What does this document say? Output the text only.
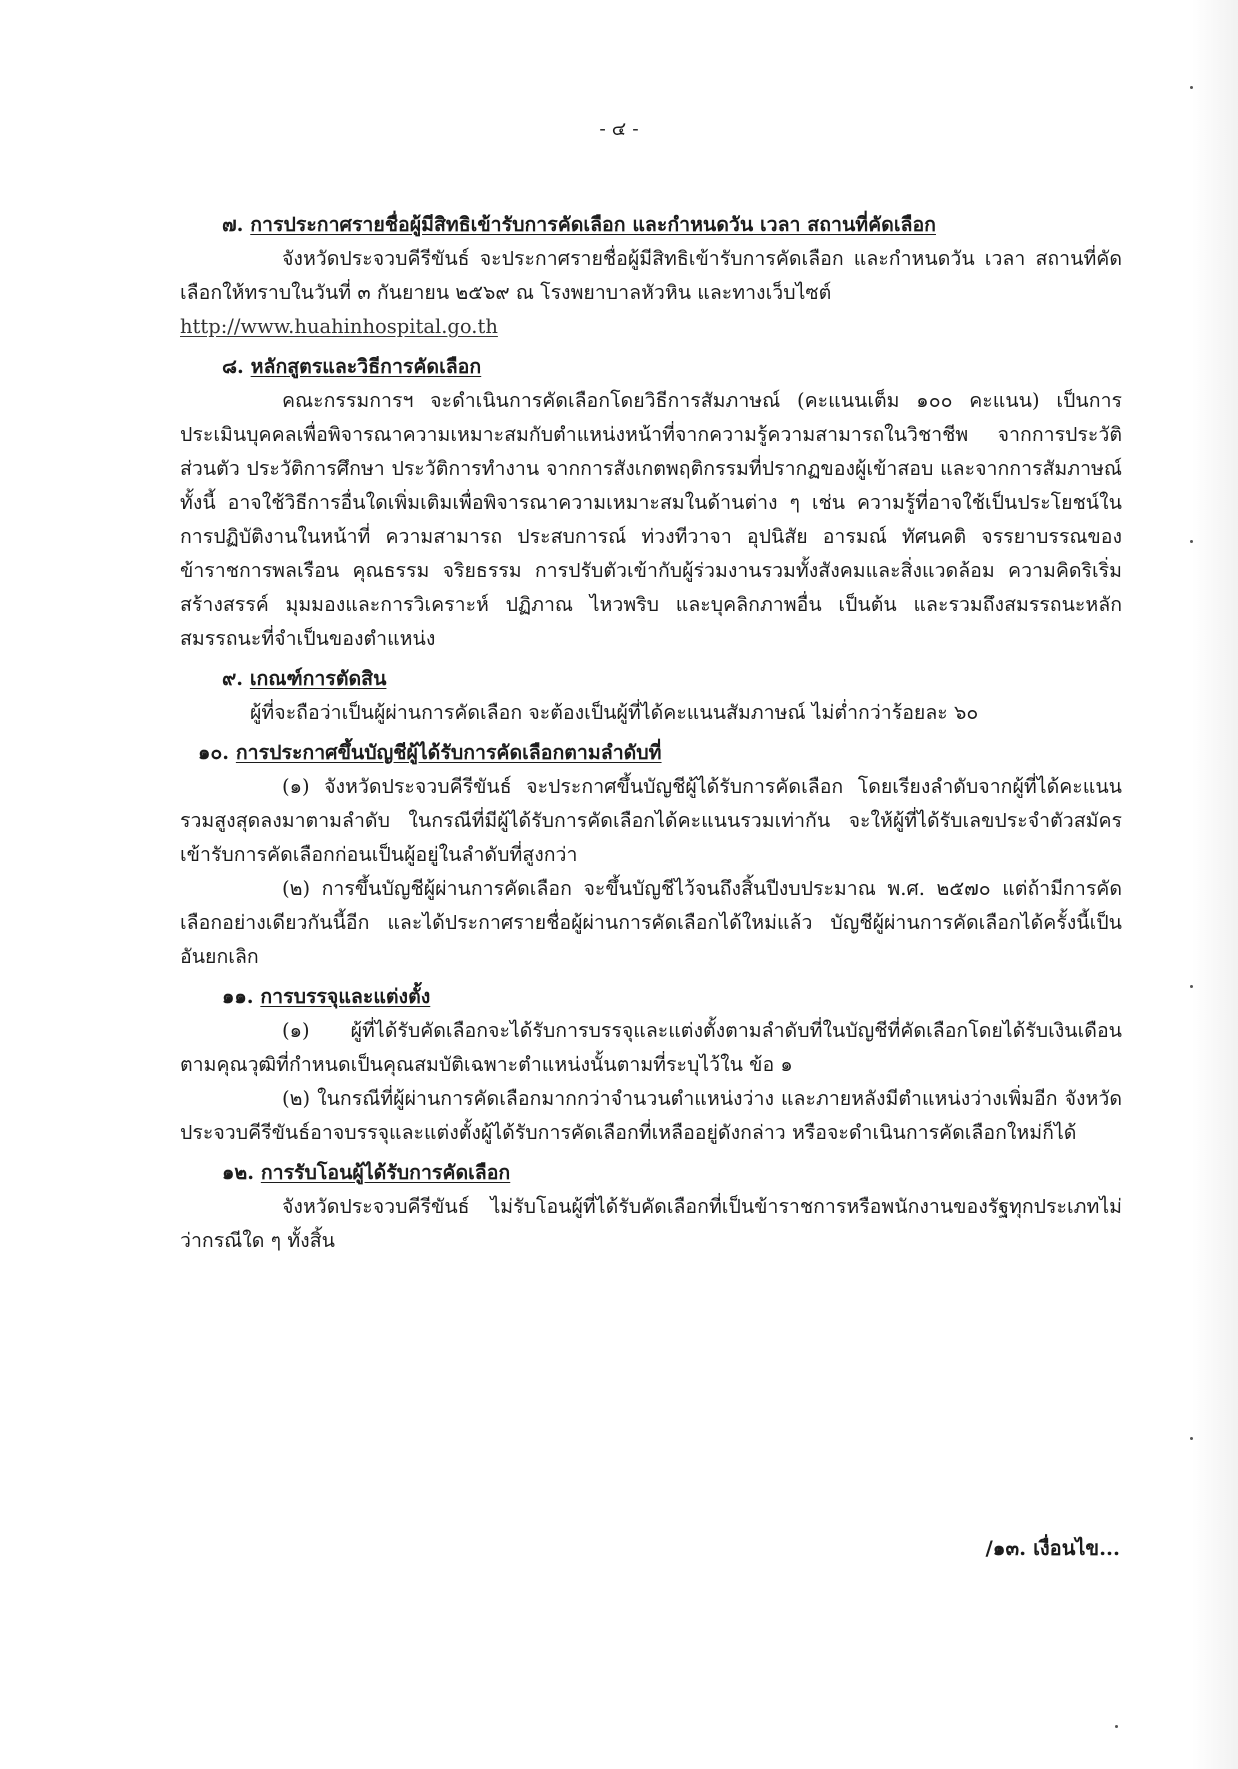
- ๔ -
๗. การประกาศรายชื่อผู้มีสิทธิเข้ารับการคัดเลือก และกำหนดวัน เวลา สถานที่คัดเลือก

จังหวัดประจวบคีรีขันธ์ จะประกาศรายชื่อผู้มีสิทธิเข้ารับการคัดเลือก และกำหนดวัน เวลา สถานที่คัดเลือกให้ทราบในวันที่ ๓ กันยายน ๒๕๖๙ ณ โรงพยาบาลหัวหิน และทางเว็บไซต์

http://www.huahinhospital.go.th

๘. หลักสูตรและวิธีการคัดเลือก

คณะกรรมการฯ จะดำเนินการคัดเลือกโดยวิธีการสัมภาษณ์ (คะแนนเต็ม ๑๐๐ คะแนน) เป็นการประเมินบุคคลเพื่อพิจารณาความเหมาะสมกับตำแหน่งหน้าที่จากความรู้ความสามารถในวิชาชีพ จากการประวัติส่วนตัว ประวัติการศึกษา ประวัติการทำงาน จากการสังเกตพฤติกรรมที่ปรากฏของผู้เข้าสอบ และจากการสัมภาษณ์ ทั้งนี้ อาจใช้วิธีการอื่นใดเพิ่มเติมเพื่อพิจารณาความเหมาะสมในด้านต่าง ๆ เช่น ความรู้ที่อาจใช้เป็นประโยชน์ในการปฏิบัติงานในหน้าที่ ความสามารถ ประสบการณ์ ท่วงทีวาจา อุปนิสัย อารมณ์ ทัศนคติ จรรยาบรรณของข้าราชการพลเรือน คุณธรรม จริยธรรม การปรับตัวเข้ากับผู้ร่วมงานรวมทั้งสังคมและสิ่งแวดล้อม ความคิดริเริ่มสร้างสรรค์ มุมมองและการวิเคราะห์ ปฏิภาณ ไหวพริบ และบุคลิกภาพอื่น เป็นต้น และรวมถึงสมรรถนะหลัก สมรรถนะที่จำเป็นของตำแหน่ง

๙. เกณฑ์การตัดสิน

ผู้ที่จะถือว่าเป็นผู้ผ่านการคัดเลือก จะต้องเป็นผู้ที่ได้คะแนนสัมภาษณ์ ไม่ต่ำกว่าร้อยละ ๖๐

๑๐. การประกาศขึ้นบัญชีผู้ได้รับการคัดเลือกตามลำดับที่

(๑) จังหวัดประจวบคีรีขันธ์ จะประกาศขึ้นบัญชีผู้ได้รับการคัดเลือก โดยเรียงลำดับจากผู้ที่ได้คะแนนรวมสูงสุดลงมาตามลำดับ ในกรณีที่มีผู้ได้รับการคัดเลือกได้คะแนนรวมเท่ากัน จะให้ผู้ที่ได้รับเลขประจำตัวสมัครเข้ารับการคัดเลือกก่อนเป็นผู้อยู่ในลำดับที่สูงกว่า

(๒) การขึ้นบัญชีผู้ผ่านการคัดเลือก จะขึ้นบัญชีไว้จนถึงสิ้นปีงบประมาณ พ.ศ. ๒๕๗๐ แต่ถ้ามีการคัดเลือกอย่างเดียวกันนี้อีก และได้ประกาศรายชื่อผู้ผ่านการคัดเลือกได้ใหม่แล้ว บัญชีผู้ผ่านการคัดเลือกได้ครั้งนี้เป็นอันยกเลิก

๑๑. การบรรจุและแต่งตั้ง

(๑) ผู้ที่ได้รับคัดเลือกจะได้รับการบรรจุและแต่งตั้งตามลำดับที่ในบัญชีที่คัดเลือกโดยได้รับเงินเดือนตามคุณวุฒิที่กำหนดเป็นคุณสมบัติเฉพาะตำแหน่งนั้นตามที่ระบุไว้ใน ข้อ ๑

(๒) ในกรณีที่ผู้ผ่านการคัดเลือกมากกว่าจำนวนตำแหน่งว่าง และภายหลังมีตำแหน่งว่างเพิ่มอีก จังหวัดประจวบคีรีขันธ์อาจบรรจุและแต่งตั้งผู้ได้รับการคัดเลือกที่เหลืออยู่ดังกล่าว หรือจะดำเนินการคัดเลือกใหม่ก็ได้

๑๒. การรับโอนผู้ได้รับการคัดเลือก

จังหวัดประจวบคีรีขันธ์ ไม่รับโอนผู้ที่ได้รับคัดเลือกที่เป็นข้าราชการหรือพนักงานของรัฐทุกประเภทไม่ว่ากรณีใด ๆ ทั้งสิ้น

/๑๓. เงื่อนไข...
